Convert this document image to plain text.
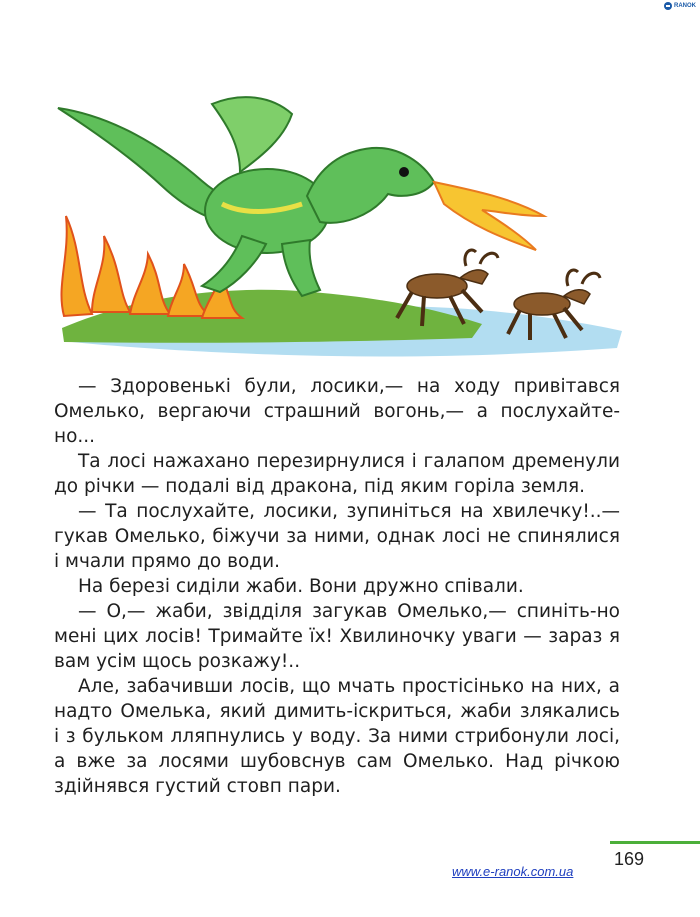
RANOK

— Здоровенькі були, лосики,— на ходу привітався Омелько, вергаючи страшний вогонь,— а послухайте-но...

Та лосі нажахано перезирнулися і галапом дременули до річки — подалі від дракона, під яким горіла земля.

— Та послухайте, лосики, зупиніться на хвилечку!..— гукав Омелько, біжучи за ними, однак лосі не спинялися і мчали прямо до води.

На березі сиділи жаби. Вони дружно співали.

— О,— жаби, звідділя загукав Омелько,— спиніть-но мені цих лосів! Тримайте їх! Хвилиночку уваги — зараз я вам усім щось розкажу!..

Але, забачивши лосів, що мчать простісінько на них, а надто Омелька, який димить-іскриться, жаби злякались і з бульком лляпнулись у воду. За ними стрибонули лосі, а вже за лосями шубовснув сам Омелько. Над річкою здійнявся густий стовп пари.

169
www.e-ranok.com.ua
